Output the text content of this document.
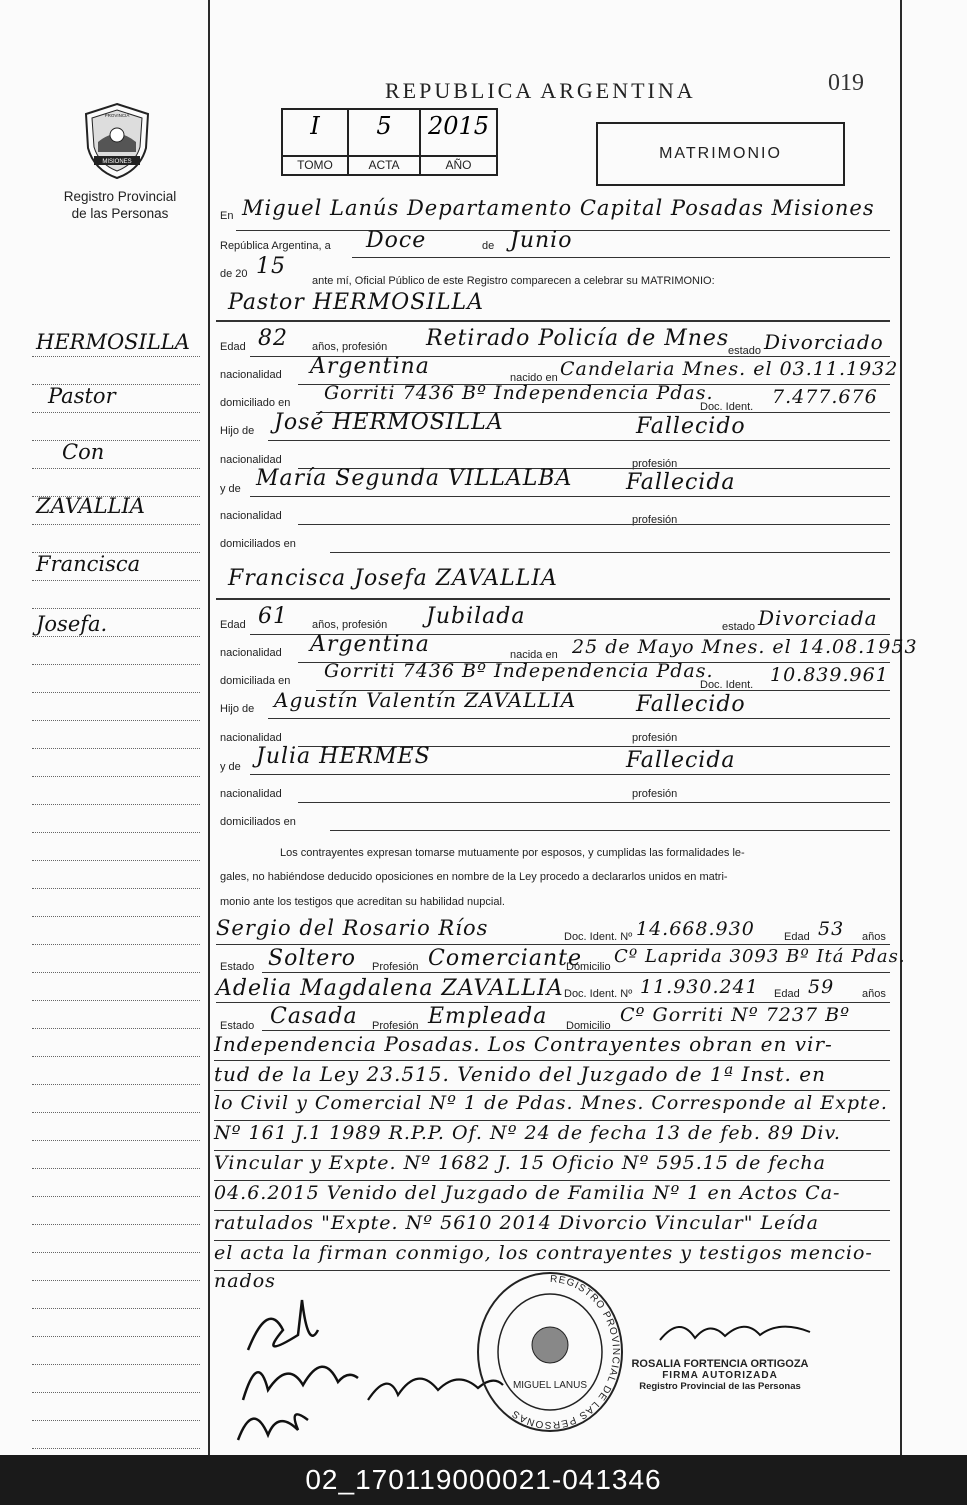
MISIONES
PROVINCIA
Registro Provincial
de las Personas
HERMOSILLA
Pastor
Con
ZAVALLIA
Francisca
Josefa.
REPUBLICA ARGENTINA	019
I
TOMO
5
ACTA
2015
AÑO
MATRIMONIO
En Miguel Lanús Departamento Capital Posadas Misiones
República Argentina, a Doce	de Junio
de 20 15
ante mí, Oficial Público de este Registro comparecen a celebrar su MATRIMONIO:
Pastor HERMOSILLA
Edad 82 años, profesión Retirado Policía de Mnes
estado Divorciado
nacionalidad Argentina	nacido en Candelaria Mnes. el 03.11.1932
domiciliado en Gorriti 7436 Bº Independencia Pdas.
Doc. Ident. 7.477.676
Hijo de José HERMOSILLA	Fallecido
nacionalidad	profesión
y de María Segunda VILLALBA Fallecida
nacionalidad	profesión
domiciliados en
Francisca Josefa ZAVALLIA
Edad 61 años, profesión Jubilada	estado Divorciada
nacionalidad Argentina	nacida en 25 de Mayo Mnes. el 14.08.1953
domiciliada en Gorriti 7436 Bº Independencia Pdas.
Doc. Ident. 10.839.961
Hijo de Agustín Valentín ZAVALLIA	Fallecido
nacionalidad	profesión
y de Julia HERMES	Fallecida
nacionalidad	profesión
domiciliados en
Los contrayentes expresan tomarse mutuamente por esposos, y cumplidas las formalidades le-
gales, no habiéndose deducido oposiciones en nombre de la Ley procedo a declararlos unidos en matri-
monio ante los testigos que acreditan su habilidad nupcial.
Sergio del Rosario Ríos	Doc. Ident. Nº 14.668.930	Edad 53 años
Estado Soltero Profesión Comerciante
Domicilio Cº Laprida 3093 Bº Itá Pdas.
Adelia Magdalena ZAVALLIA Doc. Ident. Nº 11.930.241 Edad 59	años
Estado Casada Profesión Empleada Domicilio Cº Gorriti Nº 7237 Bº
Independencia Posadas. Los Contrayentes obran en vir-
tud de la Ley 23.515. Venido del Juzgado de 1ª Inst. en
lo Civil y Comercial Nº 1 de Pdas. Mnes. Corresponde al Expte.
Nº 161 J.1 1989 R.P.P. Of. Nº 24 de fecha 13 de feb. 89 Div.
Vincular y Expte. Nº 1682 J. 15 Oficio Nº 595.15 de fecha
04.6.2015 Venido del Juzgado de Familia Nº 1 en Actos Ca-
ratulados "Expte. Nº 5610 2014 Divorcio Vincular" Leída
el acta la firman conmigo, los contrayentes y testigos mencio-
nados	REGISTRO PROVINCIAL DE LAS PERSONAS
MIGUEL LANUS
ROSALIA FORTENCIA ORTIGOZA
FIRMA AUTORIZADA
Registro Provincial de las Personas
02_170119000021-041346
